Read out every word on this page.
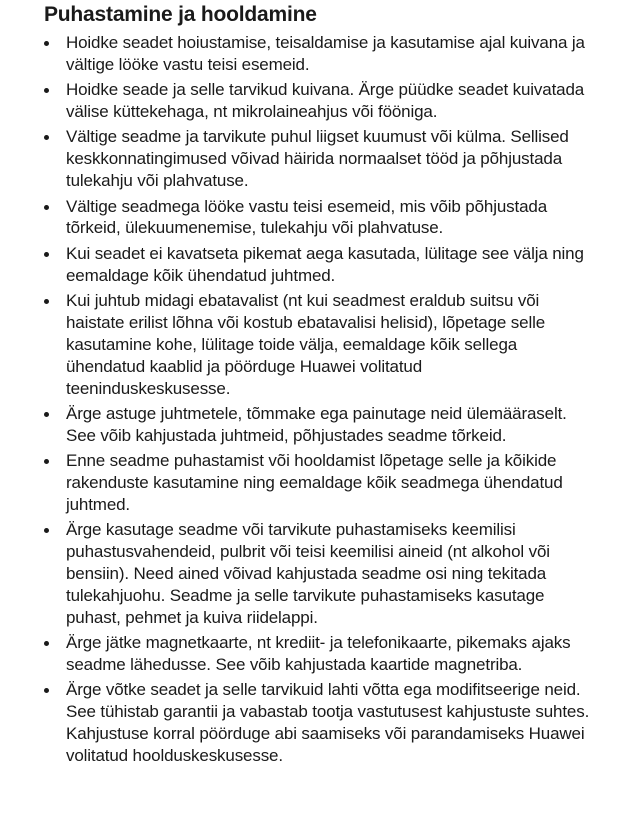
Puhastamine ja hooldamine
Hoidke seadet hoiustamise, teisaldamise ja kasutamise ajal kuivana ja vältige lööke vastu teisi esemeid.
Hoidke seade ja selle tarvikud kuivana. Ärge püüdke seadet kuivatada välise küttekehaga, nt mikrolaineahjus või fööniga.
Vältige seadme ja tarvikute puhul liigset kuumust või külma. Sellised keskkonnatingimused võivad häirida normaalset tööd ja põhjustada tulekahju või plahvatuse.
Vältige seadmega lööke vastu teisi esemeid, mis võib põhjustada tõrkeid, ülekuumenemise, tulekahju või plahvatuse.
Kui seadet ei kavatseta pikemat aega kasutada, lülitage see välja ning eemaldage kõik ühendatud juhtmed.
Kui juhtub midagi ebatavalist (nt kui seadmest eraldub suitsu või haistate erilist lõhna või kostub ebatavalisi helisid), lõpetage selle kasutamine kohe, lülitage toide välja, eemaldage kõik sellega ühendatud kaablid ja pöörduge Huawei volitatud teeninduskeskusesse.
Ärge astuge juhtmetele, tõmmake ega painutage neid ülemääraselt. See võib kahjustada juhtmeid, põhjustades seadme tõrkeid.
Enne seadme puhastamist või hooldamist lõpetage selle ja kõikide rakenduste kasutamine ning eemaldage kõik seadmega ühendatud juhtmed.
Ärge kasutage seadme või tarvikute puhastamiseks keemilisi puhastusvahendeid, pulbrit või teisi keemilisi aineid (nt alkohol või bensiin). Need ained võivad kahjustada seadme osi ning tekitada tulekahjuohu. Seadme ja selle tarvikute puhastamiseks kasutage puhast, pehmet ja kuiva riidelappi.
Ärge jätke magnetkaarte, nt krediit- ja telefonikaarte, pikemaks ajaks seadme lähedusse. See võib kahjustada kaartide magnetriba.
Ärge võtke seadet ja selle tarvikuid lahti võtta ega modifitseerige neid. See tühistab garantii ja vabastab tootja vastutusest kahjustuste suhtes. Kahjustuse korral pöörduge abi saamiseks või parandamiseks Huawei volitatud hoolduskeskusesse.
